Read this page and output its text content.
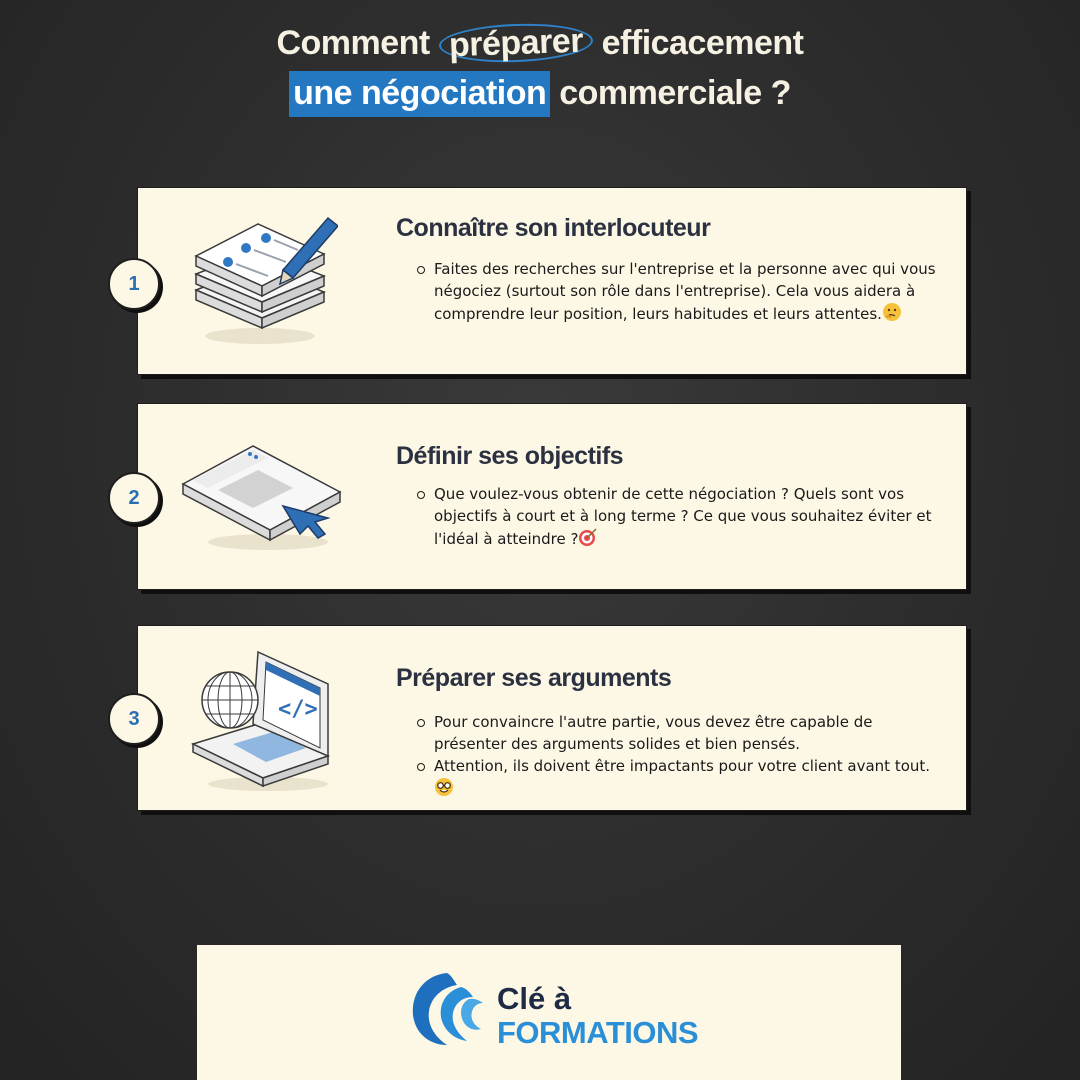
Comment préparer efficacement
une négociation commerciale ?
Connaître son interlocuteur
Faites des recherches sur l'entreprise et la personne avec qui vous négociez (surtout son rôle dans l'entreprise). Cela vous aidera à comprendre leur position, leurs habitudes et leurs attentes.
1
Définir ses objectifs
Que voulez-vous obtenir de cette négociation ? Quels sont vos objectifs à court et à long terme ? Ce que vous souhaitez éviter et l'idéal à atteindre ?
2
</>
Préparer ses arguments
Pour convaincre l'autre partie, vous devez être capable de présenter des arguments solides et bien pensés.
Attention, ils doivent être impactants pour votre client avant tout.
3
Clé à
FORMATIONS
